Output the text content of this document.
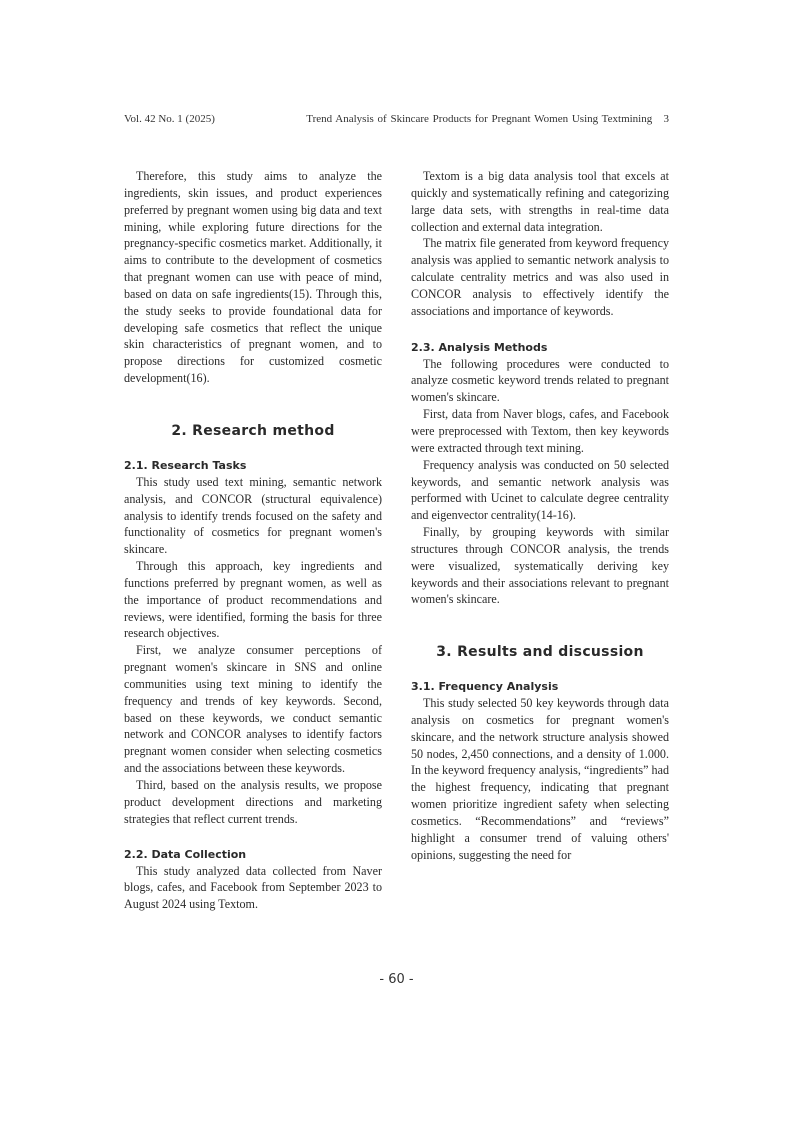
Vol. 42 No. 1 (2025)	Trend Analysis of Skincare Products for Pregnant Women Using Textmining 3

Therefore, this study aims to analyze the ingredients, skin issues, and product experiences preferred by pregnant women using big data and text mining, while exploring future directions for the pregnancy-specific cosmetics market. Additionally, it aims to contribute to the development of cosmetics that pregnant women can use with peace of mind, based on data on safe ingredients(15). Through this, the study seeks to provide foundational data for developing safe cosmetics that reflect the unique skin characteristics of pregnant women, and to propose directions for customized cosmetic development(16).

2. Research method
2.1. Research Tasks

This study used text mining, semantic network analysis, and CONCOR (structural equivalence) analysis to identify trends focused on the safety and functionality of cosmetics for pregnant women's skincare.

Through this approach, key ingredients and functions preferred by pregnant women, as well as the importance of product recommendations and reviews, were identified, forming the basis for three research objectives.

First, we analyze consumer perceptions of pregnant women's skincare in SNS and online communities using text mining to identify the frequency and trends of key keywords. Second, based on these keywords, we conduct semantic network and CONCOR analyses to identify factors pregnant women consider when selecting cosmetics and the associations between these keywords.

Third, based on the analysis results, we propose product development directions and marketing strategies that reflect current trends.

2.2. Data Collection

This study analyzed data collected from Naver blogs, cafes, and Facebook from September 2023 to August 2024 using Textom.

Textom is a big data analysis tool that excels at quickly and systematically refining and categorizing large data sets, with strengths in real-time data collection and external data integration.

The matrix file generated from keyword frequency analysis was applied to semantic network analysis to calculate centrality metrics and was also used in CONCOR analysis to effectively identify the associations and importance of keywords.

2.3. Analysis Methods

The following procedures were conducted to analyze cosmetic keyword trends related to pregnant women's skincare.

First, data from Naver blogs, cafes, and Facebook were preprocessed with Textom, then key keywords were extracted through text mining.

Frequency analysis was conducted on 50 selected keywords, and semantic network analysis was performed with Ucinet to calculate degree centrality and eigenvector centrality(14-16).

Finally, by grouping keywords with similar structures through CONCOR analysis, the trends were visualized, systematically deriving key keywords and their associations relevant to pregnant women's skincare.

3. Results and discussion
3.1. Frequency Analysis

This study selected 50 key keywords through data analysis on cosmetics for pregnant women's skincare, and the network structure analysis showed 50 nodes, 2,450 connections, and a density of 1.000. In the keyword frequency analysis, “ingredients” had the highest frequency, indicating that pregnant women prioritize ingredient safety when selecting cosmetics. “Recommendations” and “reviews” highlight a consumer trend of valuing others' opinions, suggesting the need for

- 60 -
